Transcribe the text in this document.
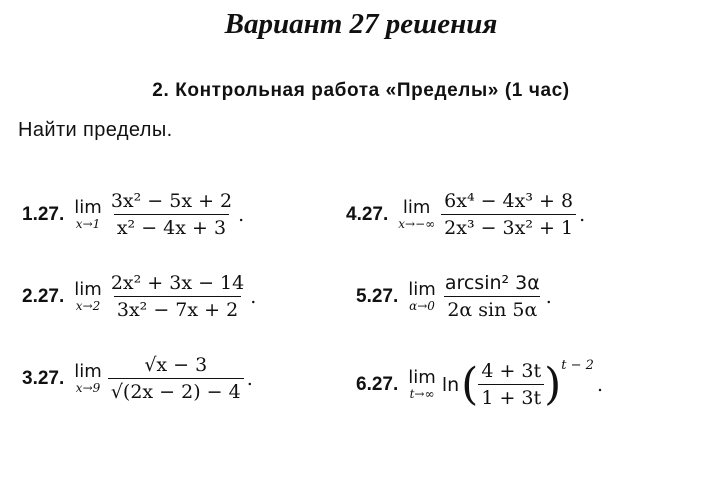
Вариант 27 решения
2. Контрольная работа «Пределы» (1 час)
Найти пределы.
1.27. lim
$x\to 1 \frac{\text{3x² − 5x + 2}}{\text{x² − 4x + 3}}$ .
2.27. lim
$x\to 2 \frac{\text{2x² + 3x − 14}}{\text{3x² − 7x + 2}}$ .
3.27. lim
$x\to 9 \frac{√x - 3}{√(2x - 2) - 4}$ .
4.27. lim
$x\to-\infty \frac{\text{6x⁴ − 4x³ + 8}}{\text{2x³ − 3x² + 1}}$ .
5.27. lim
$\alpha\to 0 \frac{\text{arcsin² 3α}}{\text{2α sin 5α}}$ .
6.27. lim
t→∞ ln ( $\frac{4 + 3t}{1 + 3t}$ ) t − 2
.
